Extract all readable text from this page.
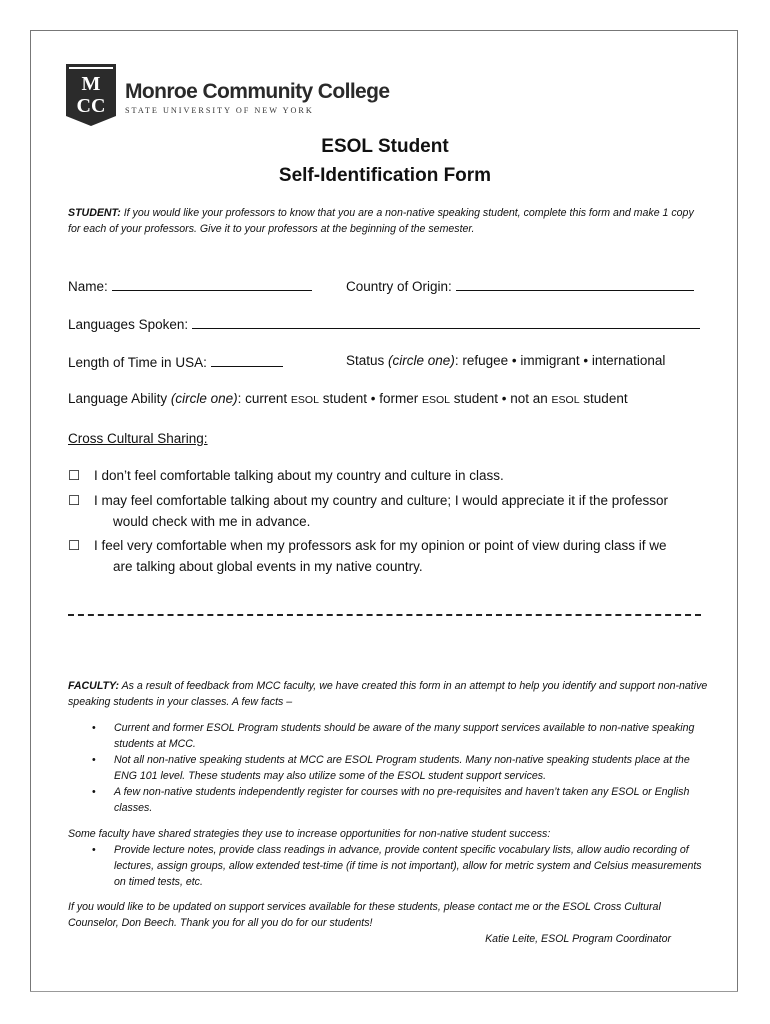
M
CC
Monroe Community College
STATE UNIVERSITY OF NEW YORK
ESOL Student
Self-Identification Form
STUDENT: If you would like your professors to know that you are a non-native speaking student, complete this form and make 1 copy for each of your professors. Give it to your professors at the beginning of the semester.
Name:	Country of Origin:
Languages Spoken:
Length of Time in USA:	Status (circle one): refugee • immigrant • international
Language Ability (circle one): current ESOL student • former ESOL student • not an ESOL student
Cross Cultural Sharing:
☐ I don’t feel comfortable talking about my country and culture in class.
☐ I may feel comfortable talking about my country and culture; I would appreciate it if the professor
would check with me in advance.
☐ I feel very comfortable when my professors ask for my opinion or point of view during class if we
are talking about global events in my native country.
FACULTY: As a result of feedback from MCC faculty, we have created this form in an attempt to help you identify and support non-native speaking students in your classes. A few facts –
• Current and former ESOL Program students should be aware of the many support services available to non-native speaking students at MCC.
• Not all non-native speaking students at MCC are ESOL Program students. Many non-native speaking students place at the ENG 101 level. These students may also utilize some of the ESOL student support services.
• A few non-native students independently register for courses with no pre-requisites and haven’t taken any ESOL or English classes.
Some faculty have shared strategies they use to increase opportunities for non-native student success:
• Provide lecture notes, provide class readings in advance, provide content specific vocabulary lists, allow audio recording of lectures, assign groups, allow extended test-time (if time is not important), allow for metric system and Celsius measurements on timed tests, etc.
If you would like to be updated on support services available for these students, please contact me or the ESOL Cross Cultural Counselor, Don Beech. Thank you for all you do for our students!
Katie Leite, ESOL Program Coordinator
